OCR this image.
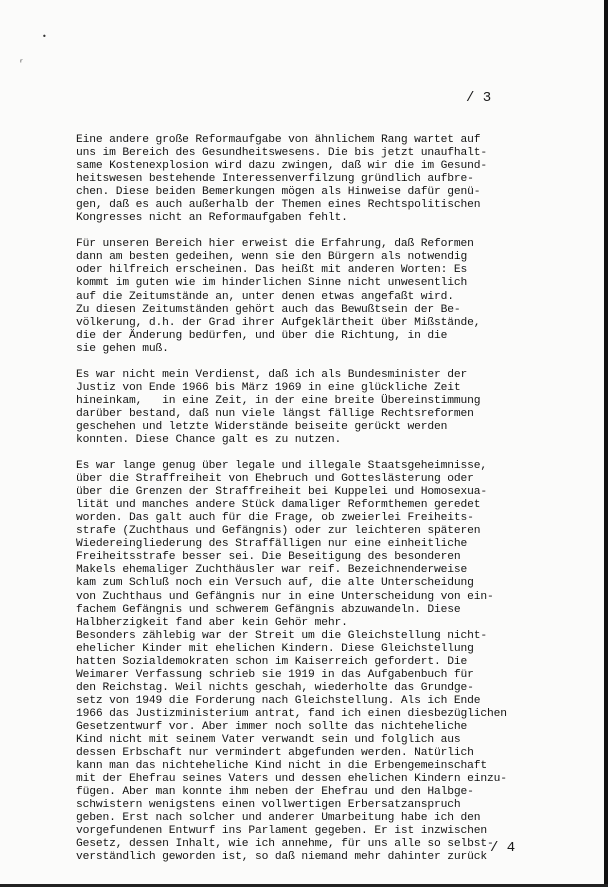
•
ʳ
/ 3
Eine andere große Reformaufgabe von ähnlichem Rang wartet auf
uns im Bereich des Gesundheitswesens. Die bis jetzt unaufhalt-
same Kostenexplosion wird dazu zwingen, daß wir die im Gesund-
heitswesen bestehende Interessenverfilzung gründlich aufbre-
chen. Diese beiden Bemerkungen mögen als Hinweise dafür genü-
gen, daß es auch außerhalb der Themen eines Rechtspolitischen
Kongresses nicht an Reformaufgaben fehlt.
Für unseren Bereich hier erweist die Erfahrung, daß Reformen
dann am besten gedeihen, wenn sie den Bürgern als notwendig
oder hilfreich erscheinen. Das heißt mit anderen Worten: Es
kommt im guten wie im hinderlichen Sinne nicht unwesentlich
auf die Zeitumstände an, unter denen etwas angefaßt wird.
Zu diesen Zeitumständen gehört auch das Bewußtsein der Be-
völkerung, d.h. der Grad ihrer Aufgeklärtheit über Mißstände,
die der Änderung bedürfen, und über die Richtung, in die
sie gehen muß.
Es war nicht mein Verdienst, daß ich als Bundesminister der
Justiz von Ende 1966 bis März 1969 in eine glückliche Zeit
hineinkam,   in eine Zeit, in der eine breite Übereinstimmung
darüber bestand, daß nun viele längst fällige Rechtsreformen
geschehen und letzte Widerstände beiseite gerückt werden
konnten. Diese Chance galt es zu nutzen.
Es war lange genug über legale und illegale Staatsgeheimnisse,
über die Straffreiheit von Ehebruch und Gotteslästerung oder
über die Grenzen der Straffreiheit bei Kuppelei und Homosexua-
lität und manches andere Stück damaliger Reformthemen geredet
worden. Das galt auch für die Frage, ob zweierlei Freiheits-
strafe (Zuchthaus und Gefängnis) oder zur leichteren späteren
Wiedereingliederung des Straffälligen nur eine einheitliche
Freiheitsstrafe besser sei. Die Beseitigung des besonderen
Makels ehemaliger Zuchthäusler war reif. Bezeichnenderweise
kam zum Schluß noch ein Versuch auf, die alte Unterscheidung
von Zuchthaus und Gefängnis nur in eine Unterscheidung von ein-
fachem Gefängnis und schwerem Gefängnis abzuwandeln. Diese
Halbherzigkeit fand aber kein Gehör mehr.
Besonders zählebig war der Streit um die Gleichstellung nicht-
ehelicher Kinder mit ehelichen Kindern. Diese Gleichstellung
hatten Sozialdemokraten schon im Kaiserreich gefordert. Die
Weimarer Verfassung schrieb sie 1919 in das Aufgabenbuch für
den Reichstag. Weil nichts geschah, wiederholte das Grundge-
setz von 1949 die Forderung nach Gleichstellung. Als ich Ende
1966 das Justizministerium antrat, fand ich einen diesbezüglichen
Gesetzentwurf vor. Aber immer noch sollte das nichteheliche
Kind nicht mit seinem Vater verwandt sein und folglich aus
dessen Erbschaft nur vermindert abgefunden werden. Natürlich
kann man das nichteheliche Kind nicht in die Erbengemeinschaft
mit der Ehefrau seines Vaters und dessen ehelichen Kindern einzu-
fügen. Aber man konnte ihm neben der Ehefrau und den Halbge-
schwistern wenigstens einen vollwertigen Erbersatzanspruch
geben. Erst nach solcher und anderer Umarbeitung habe ich den
vorgefundenen Entwurf ins Parlament gegeben. Er ist inzwischen
Gesetz, dessen Inhalt, wie ich annehme, für uns alle so selbst-
verständlich geworden ist, so daß niemand mehr dahinter zurück
/ 4
